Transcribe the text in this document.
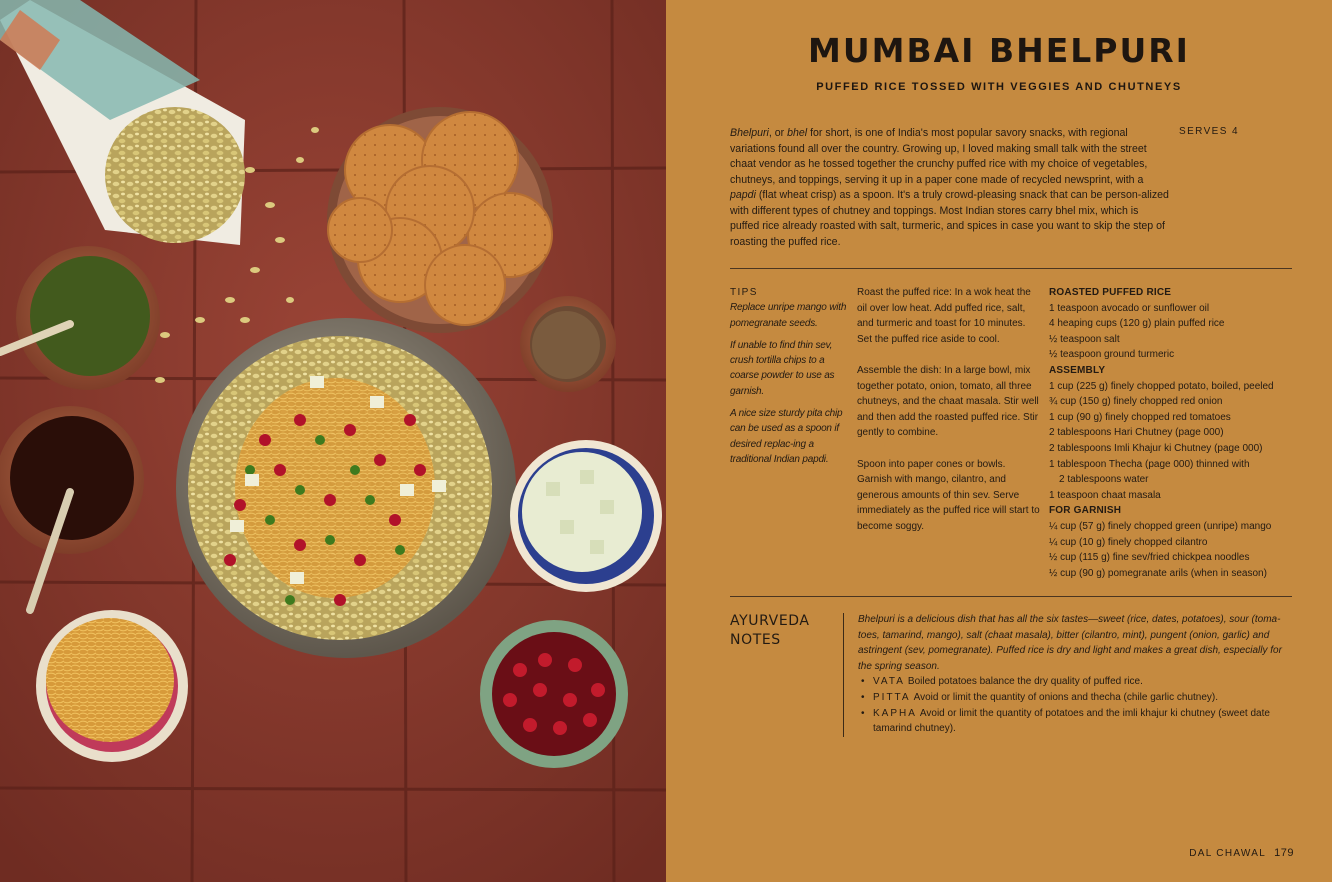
MUMBAI BHELPURI
PUFFED RICE TOSSED WITH VEGGIES AND CHUTNEYS

Bhelpuri, or bhel for short, is one of India's most popular savory snacks, with regional variations found all over the country. Growing up, I loved making small talk with the street chaat vendor as he tossed together the crunchy puffed rice with my choice of vegetables, chutneys, and toppings, serving it up in a paper cone made of recycled newsprint, with a papdi (flat wheat crisp) as a spoon. It's a truly crowd-pleasing snack that can be person-alized with different types of chutney and toppings. Most Indian stores carry bhel mix, which is puffed rice already roasted with salt, turmeric, and spices in case you want to skip the step of roasting the puffed rice.

SERVES 4
TIPS

Replace unripe mango with pomegranate seeds.

If unable to find thin sev, crush tortilla chips to a coarse powder to use as garnish.

A nice size sturdy pita chip can be used as a spoon if desired replac-ing a traditional Indian papdi.

Roast the puffed rice: In a wok heat the oil over low heat. Add puffed rice, salt, and turmeric and toast for 10 minutes. Set the puffed rice aside to cool.

Assemble the dish: In a large bowl, mix together potato, onion, tomato, all three chutneys, and the chaat masala. Stir well and then add the roasted puffed rice. Stir gently to combine.

Spoon into paper cones or bowls. Garnish with mango, cilantro, and generous amounts of thin sev. Serve immediately as the puffed rice will start to become soggy.

ROASTED PUFFED RICE
1 teaspoon avocado or sunflower oil
4 heaping cups (120 g) plain puffed rice
½ teaspoon salt
½ teaspoon ground turmeric
ASSEMBLY
1 cup (225 g) finely chopped potato, boiled, peeled
¾ cup (150 g) finely chopped red onion
1 cup (90 g) finely chopped red tomatoes
2 tablespoons Hari Chutney (page 000)
2 tablespoons Imli Khajur ki Chutney (page 000)
1 tablespoon Thecha (page 000) thinned with
2 tablespoons water
1 teaspoon chaat masala
FOR GARNISH
¼ cup (57 g) finely chopped green (unripe) mango
¼ cup (10 g) finely chopped cilantro
½ cup (115 g) fine sev/fried chickpea noodles
½ cup (90 g) pomegranate arils (when in season)
AYURVEDA
NOTES

Bhelpuri is a delicious dish that has all the six tastes—sweet (rice, dates, potatoes), sour (toma-toes, tamarind, mango), salt (chaat masala), bitter (cilantro, mint), pungent (onion, garlic) and astringent (sev, pomegranate). Puffed rice is dry and light and makes a great dish, especially for the spring season.

• VATA Boiled potatoes balance the dry quality of puffed rice.
• PITTA Avoid or limit the quantity of onions and thecha (chile garlic chutney).
• KAPHA Avoid or limit the quantity of potatoes and the imli khajur ki chutney (sweet date tamarind chutney).
DAL CHAWAL 179
